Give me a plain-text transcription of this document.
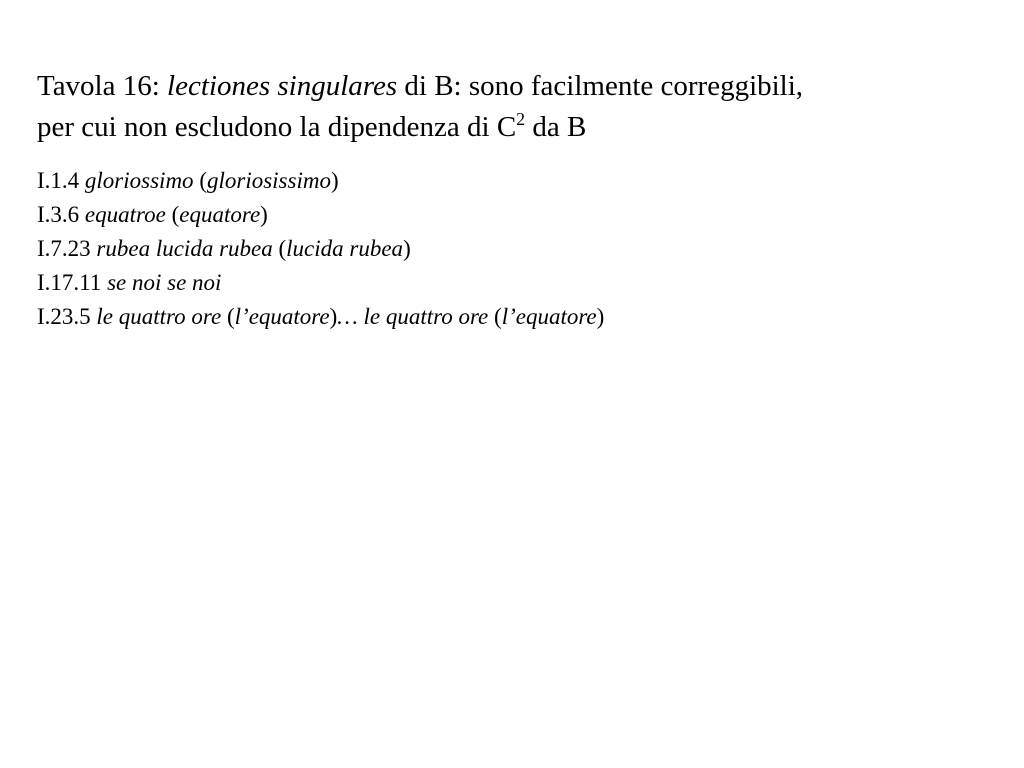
Tavola 16: lectiones singulares di B: sono facilmente correggibili,
per cui non escludono la dipendenza di $C^2$ da B
I.1.4 gloriossimo (gloriosissimo)
I.3.6 equatroe (equatore)
I.7.23 rubea lucida rubea (lucida rubea)
I.17.11 se noi se noi
I.23.5 le quattro ore (l’equatore)… le quattro ore (l’equatore)
